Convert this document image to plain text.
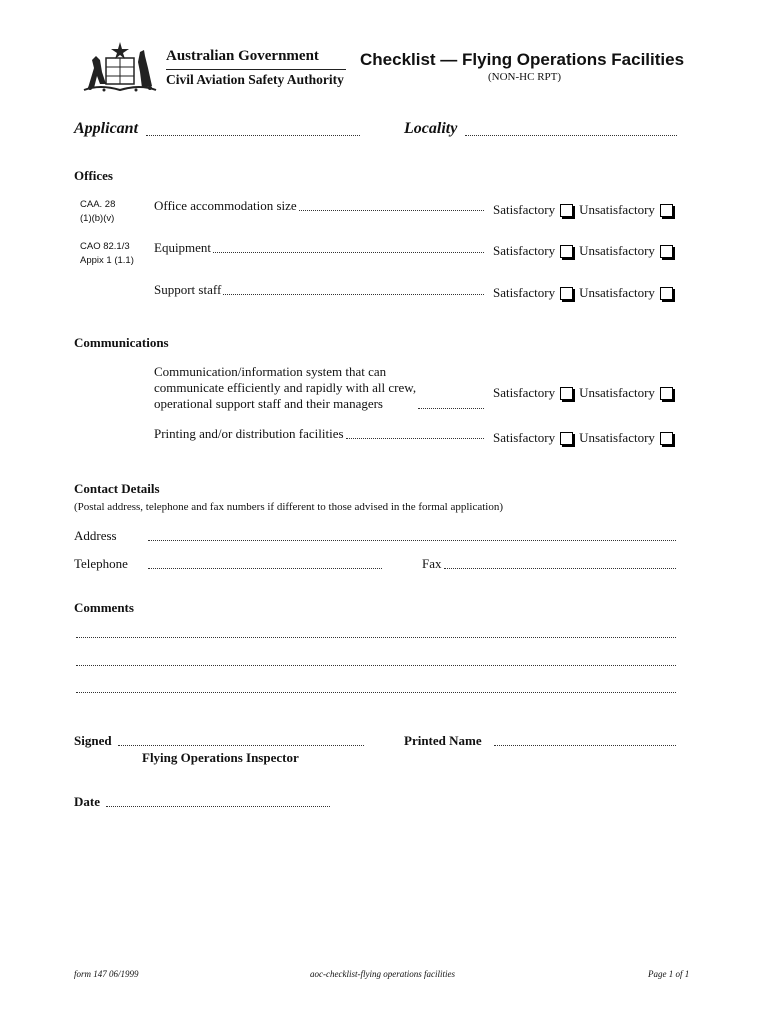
Australian Government
Civil Aviation Safety Authority
Checklist — Flying Operations Facilities
(NON-HC RPT)
Applicant	Locality
Offices
CAA. 28
(1)(b)(v)
Office accommodation size	Satisfactory Unsatisfactory
CAO 82.1/3
Appix 1 (1.1)
Equipment	Satisfactory Unsatisfactory
Support staff	Satisfactory Unsatisfactory
Communications
Communication/information system that can
communicate efficiently and rapidly with all crew,
operational support staff and their managers
Satisfactory Unsatisfactory
Printing and/or distribution facilities	Satisfactory Unsatisfactory
Contact Details
(Postal address, telephone and fax numbers if different to those advised in the formal application)
Address
Telephone	Fax
Comments
Signed
Flying Operations Inspector
Printed Name
Date
form 147 06/1999	aoc-checklist-flying operations facilities	Page 1 of 1
